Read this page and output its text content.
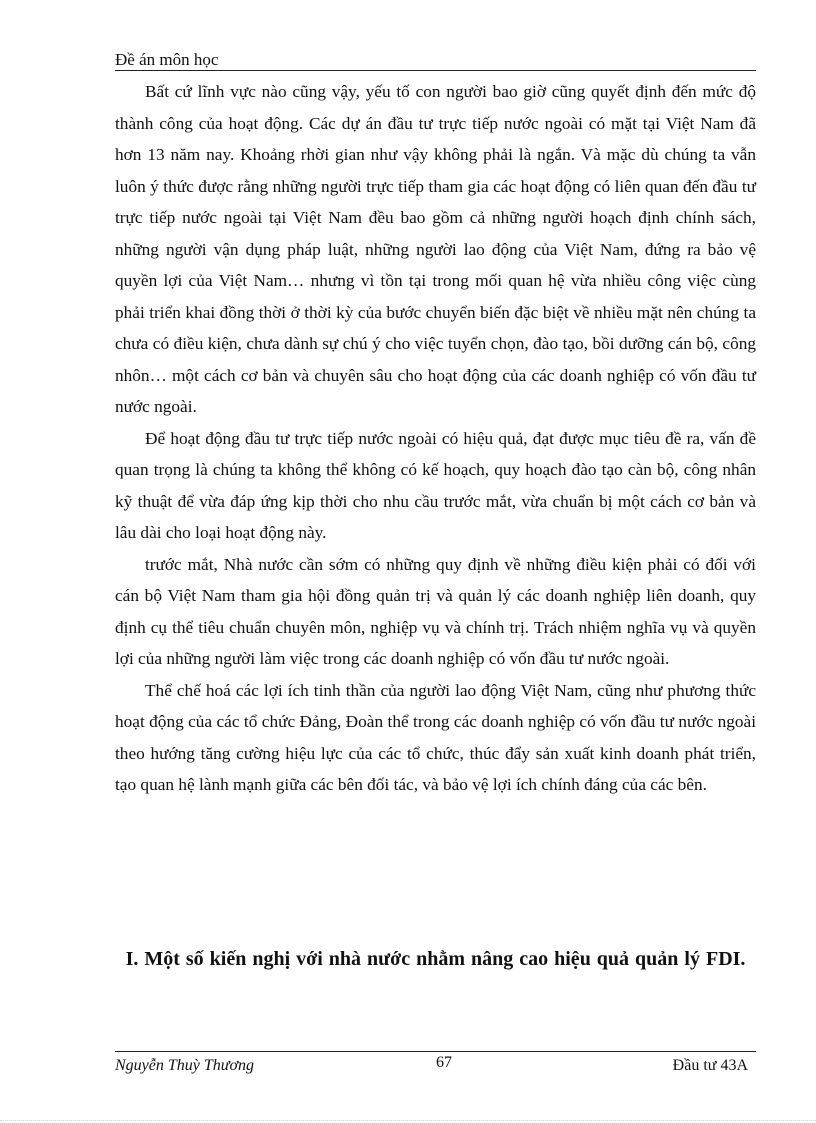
Đề án môn học

Bất cứ lĩnh vực nào cũng vậy, yếu tố con người bao giờ cũng quyết định đến mức độ thành công của hoạt động. Các dự án đầu tư trực tiếp nước ngoài có mặt tại Việt Nam đã hơn 13 năm nay. Khoảng rhời gian như vậy không phải là ngắn. Và mặc dù chúng ta vẫn luôn ý thức được rằng những người trực tiếp tham gia các hoạt động có liên quan đến đầu tư trực tiếp nước ngoài tại Việt Nam đều bao gồm cả những người hoạch định chính sách, những người vận dụng pháp luật, những người lao động của Việt Nam, đứng ra bảo vệ quyền lợi của Việt Nam… nhưng vì tồn tại trong mối quan hệ vừa nhiều công việc cùng phải triển khai đồng thời ở thời kỳ của bước chuyển biến đặc biệt về nhiều mặt nên chúng ta chưa có điều kiện, chưa dành sự chú ý cho việc tuyển chọn, đào tạo, bồi dưỡng cán bộ, công nhôn… một cách cơ bản và chuyên sâu cho hoạt động của các doanh nghiệp có vốn đầu tư nước ngoài.

Để hoạt động đầu tư trực tiếp nước ngoài có hiệu quả, đạt được mục tiêu đề ra, vấn đề quan trọng là chúng ta không thể không có kế hoạch, quy hoạch đào tạo càn bộ, công nhân kỹ thuật để vừa đáp ứng kịp thời cho nhu cầu trước mắt, vừa chuẩn bị một cách cơ bản và lâu dài cho loại hoạt động này.

trước mắt, Nhà nước cần sớm có những quy định về những điều kiện phải có đối với cán bộ Việt Nam tham gia hội đồng quản trị và quản lý các doanh nghiệp liên doanh, quy định cụ thể tiêu chuẩn chuyên môn, nghiệp vụ và chính trị. Trách nhiệm nghĩa vụ và quyền lợi của những người làm việc trong các doanh nghiệp có vốn đầu tư nước ngoài.

Thể chế hoá các lợi ích tinh thần của người lao động Việt Nam, cũng như phương thức hoạt động của các tổ chức Đảng, Đoàn thể trong các doanh nghiệp có vốn đầu tư nước ngoài theo hướng tăng cường hiệu lực của các tổ chức, thúc đẩy sản xuất kinh doanh phát triển, tạo quan hệ lành mạnh giữa các bên đối tác, và bảo vệ lợi ích chính đáng của các bên.

I. Một số kiến nghị với nhà nước nhằm nâng cao hiệu quả quản lý FDI.
Nguyễn Thuỳ Thương	67	Đầu tư 43A
